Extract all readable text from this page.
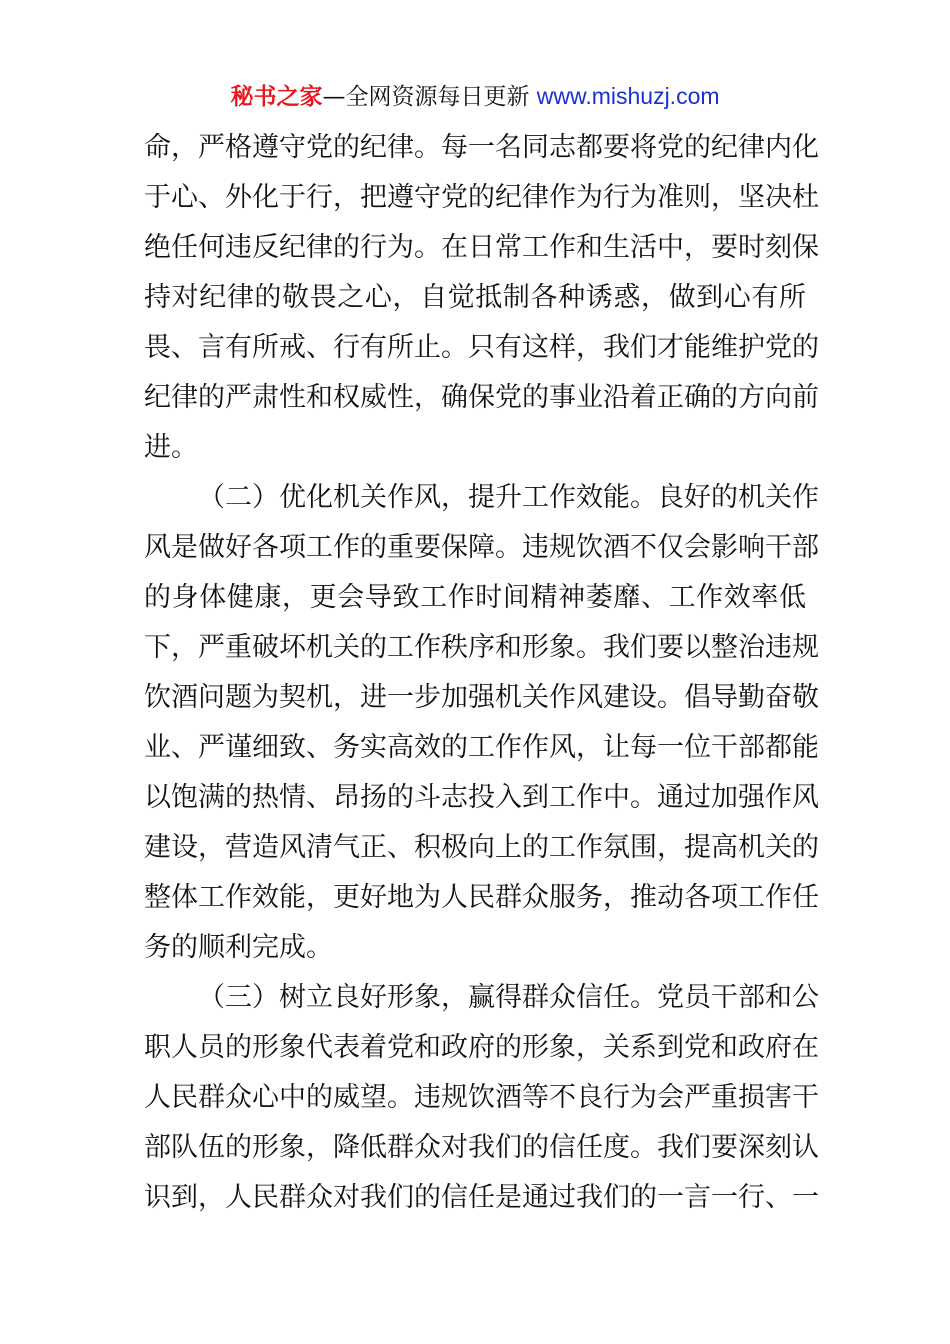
秘书之家—全网资源每日更新 www.mishuzj.com
命，严格遵守党的纪律。每一名同志都要将党的纪律内化
于心、外化于行，把遵守党的纪律作为行为准则，坚决杜
绝任何违反纪律的行为。在日常工作和生活中，要时刻保
持对纪律的敬畏之心，自觉抵制各种诱惑，做到心有所
畏、言有所戒、行有所止。只有这样，我们才能维护党的
纪律的严肃性和权威性，确保党的事业沿着正确的方向前
进。
（二）优化机关作风，提升工作效能。良好的机关作
风是做好各项工作的重要保障。违规饮酒不仅会影响干部
的身体健康，更会导致工作时间精神萎靡、工作效率低
下，严重破坏机关的工作秩序和形象。我们要以整治违规
饮酒问题为契机，进一步加强机关作风建设。倡导勤奋敬
业、严谨细致、务实高效的工作作风，让每一位干部都能
以饱满的热情、昂扬的斗志投入到工作中。通过加强作风
建设，营造风清气正、积极向上的工作氛围，提高机关的
整体工作效能，更好地为人民群众服务，推动各项工作任
务的顺利完成。
（三）树立良好形象，赢得群众信任。党员干部和公
职人员的形象代表着党和政府的形象，关系到党和政府在
人民群众心中的威望。违规饮酒等不良行为会严重损害干
部队伍的形象，降低群众对我们的信任度。我们要深刻认
识到，人民群众对我们的信任是通过我们的一言一行、一
